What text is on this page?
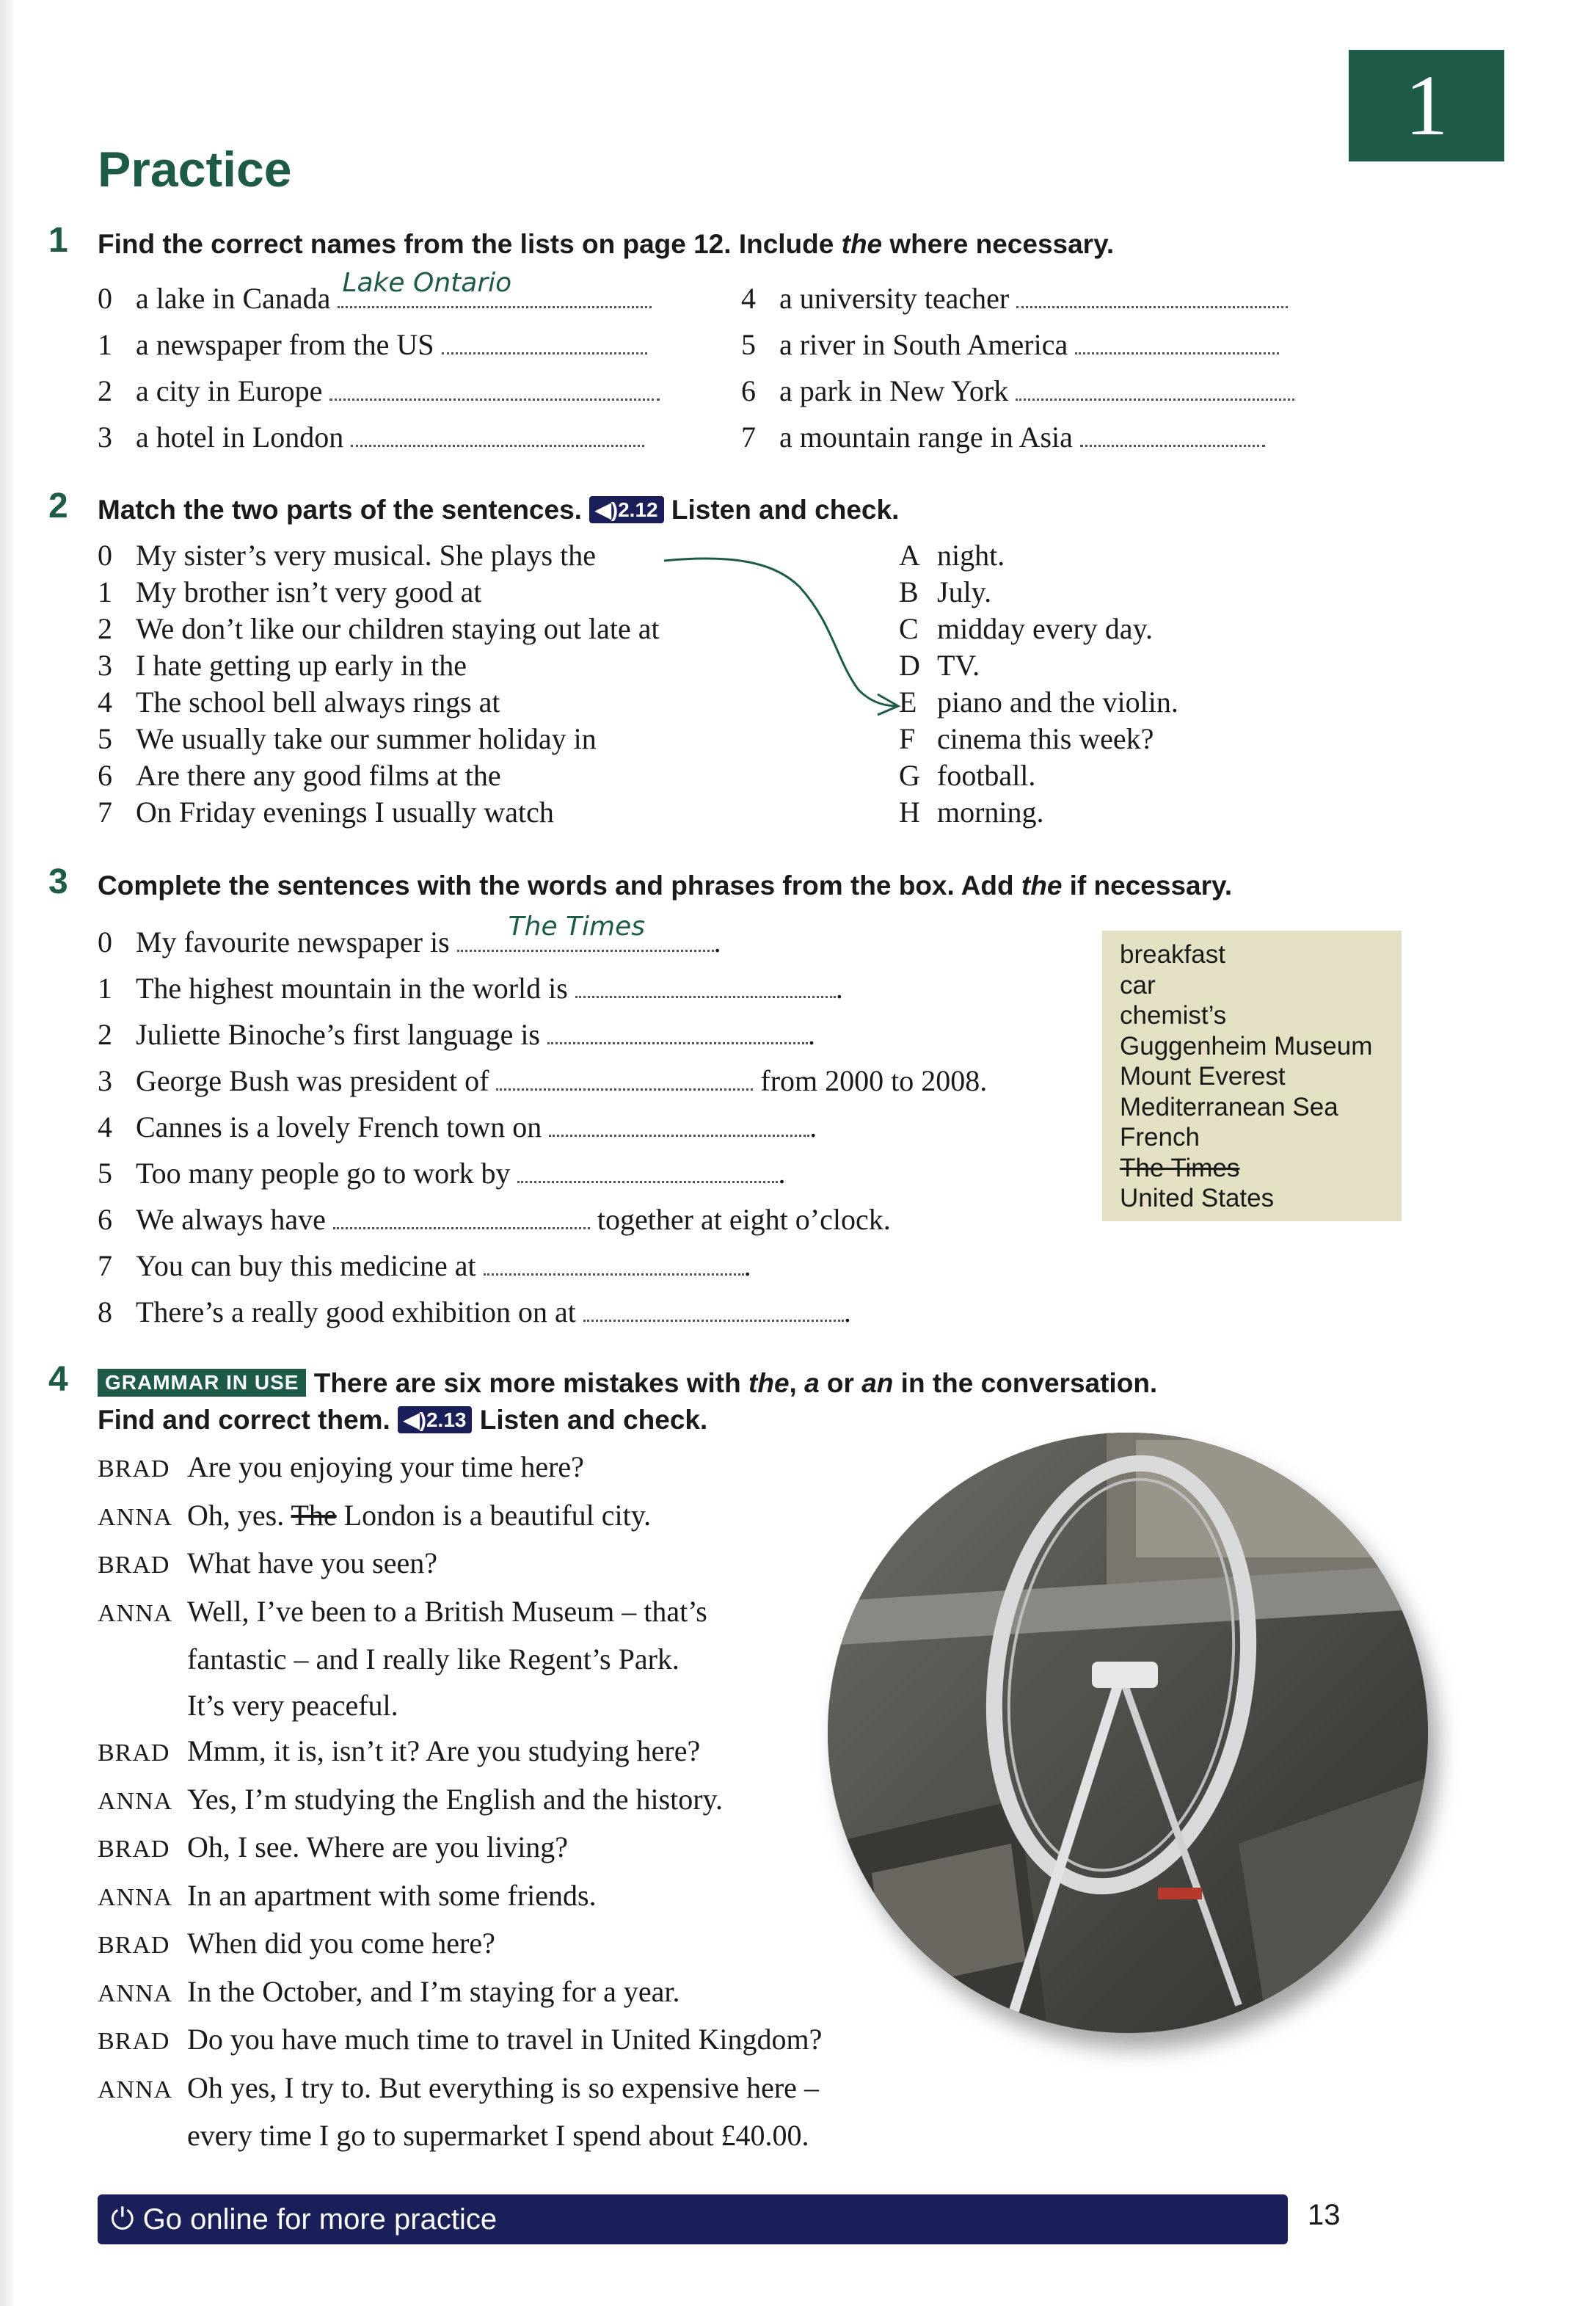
1
Practice
1 Find the correct names from the lists on page 12. Include the where necessary.
0 a lake in Canada Lake Ontario
1 a newspaper from the US
2 a city in Europe
3 a hotel in London
4 a university teacher
5 a river in South America
6 a park in New York
7 a mountain range in Asia
2 Match the two parts of the sentences. ◀)2.12 Listen and check.
0 My sister’s very musical. She plays the
1 My brother isn’t very good at
2 We don’t like our children staying out late at
3 I hate getting up early in the
4 The school bell always rings at
5 We usually take our summer holiday in
6 Are there any good films at the
7 On Friday evenings I usually watch
A night.
B July.
C midday every day.
D TV.
E piano and the violin.
F cinema this week?
G football.
H morning.
3 Complete the sentences with the words and phrases from the box. Add the if necessary.
0 My favourite newspaper is The Times .
1 The highest mountain in the world is	.
2 Juliette Binoche’s first language is	.
3 George Bush was president of	from 2000 to 2008.
4 Cannes is a lovely French town on	.
5 Too many people go to work by	.
6 We always have	together at eight o’clock.
7 You can buy this medicine at	.
8 There’s a really good exhibition on at	.
breakfast
car
chemist’s
Guggenheim Museum
Mount Everest
Mediterranean Sea
French
The Times
United States
4	GRAMMAR IN USE There are six more mistakes with the, a or an in the conversation.
Find and correct them. ◀)2.13 Listen and check.
BRAD Are you enjoying your time here?
ANNA Oh, yes. The London is a beautiful city.
BRAD What have you seen?
ANNA Well, I’ve been to a British Museum – that’s
fantastic – and I really like Regent’s Park.
It’s very peaceful.
BRAD Mmm, it is, isn’t it? Are you studying here?
ANNA Yes, I’m studying the English and the history.
BRAD Oh, I see. Where are you living?
ANNA In an apartment with some friends.
BRAD When did you come here?
ANNA In the October, and I’m staying for a year.
BRAD Do you have much time to travel in United Kingdom?
ANNA Oh yes, I try to. But everything is so expensive here –
every time I go to supermarket I spend about £40.00.
⏻ Go online for more practice	13
